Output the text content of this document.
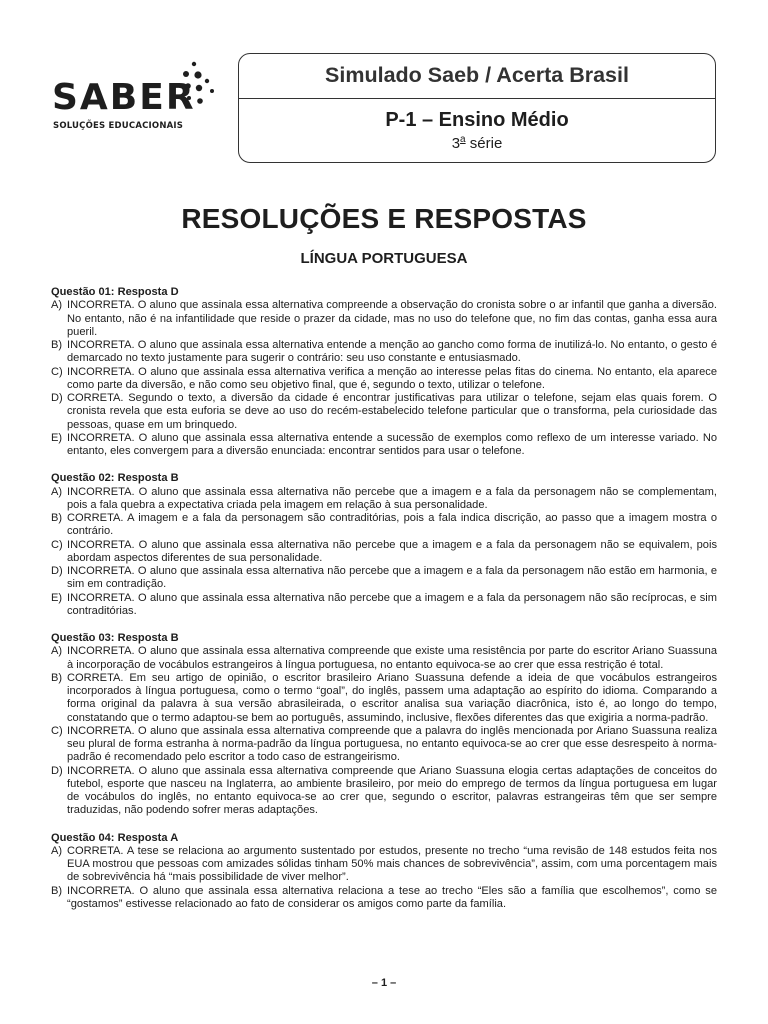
SABER
SOLUÇÕES EDUCACIONAIS
Simulado Saeb / Acerta Brasil
P-1 – Ensino Médio
3$^a$ série
RESOLUÇÕES E RESPOSTAS
LÍNGUA PORTUGUESA
Questão 01: Resposta D
A) INCORRETA. O aluno que assinala essa alternativa compreende a observação do cronista sobre o ar infantil que ganha a diversão. No entanto, não é na infantilidade que reside o prazer da cidade, mas no uso do telefone que, no fim das contas, ganha essa aura pueril.
B) INCORRETA. O aluno que assinala essa alternativa entende a menção ao gancho como forma de inutilizá-lo. No entanto, o gesto é demarcado no texto justamente para sugerir o contrário: seu uso constante e entusiasmado.
C) INCORRETA. O aluno que assinala essa alternativa verifica a menção ao interesse pelas fitas do cinema. No entanto, ela aparece como parte da diversão, e não como seu objetivo final, que é, segundo o texto, utilizar o telefone.
D) CORRETA. Segundo o texto, a diversão da cidade é encontrar justificativas para utilizar o telefone, sejam elas quais forem. O cronista revela que esta euforia se deve ao uso do recém-estabelecido telefone particular que o transforma, pela curiosidade das pessoas, quase em um brinquedo.
E) INCORRETA. O aluno que assinala essa alternativa entende a sucessão de exemplos como reflexo de um interesse variado. No entanto, eles convergem para a diversão enunciada: encontrar sentidos para usar o telefone.
Questão 02: Resposta B
A) INCORRETA. O aluno que assinala essa alternativa não percebe que a imagem e a fala da personagem não se complementam, pois a fala quebra a expectativa criada pela imagem em relação à sua personalidade.
B) CORRETA. A imagem e a fala da personagem são contraditórias, pois a fala indica discrição, ao passo que a imagem mostra o contrário.
C) INCORRETA. O aluno que assinala essa alternativa não percebe que a imagem e a fala da personagem não se equivalem, pois abordam aspectos diferentes de sua personalidade.
D) INCORRETA. O aluno que assinala essa alternativa não percebe que a imagem e a fala da personagem não estão em harmonia, e sim em contradição.
E) INCORRETA. O aluno que assinala essa alternativa não percebe que a imagem e a fala da personagem não são recíprocas, e sim contraditórias.
Questão 03: Resposta B
A) INCORRETA. O aluno que assinala essa alternativa compreende que existe uma resistência por parte do escritor Ariano Suassuna à incorporação de vocábulos estrangeiros à língua portuguesa, no entanto equivoca-se ao crer que essa restrição é total.
B) CORRETA. Em seu artigo de opinião, o escritor brasileiro Ariano Suassuna defende a ideia de que vocábulos estrangeiros incorporados à língua portuguesa, como o termo “goal”, do inglês, passem uma adaptação ao espírito do idioma. Comparando a forma original da palavra à sua versão abrasileirada, o escritor analisa sua variação diacrônica, isto é, ao longo do tempo, constatando que o termo adaptou-se bem ao português, assumindo, inclusive, flexões diferentes das que exigiria a norma-padrão.
C) INCORRETA. O aluno que assinala essa alternativa compreende que a palavra do inglês mencionada por Ariano Suassuna realiza seu plural de forma estranha à norma-padrão da língua portuguesa, no entanto equivoca-se ao crer que esse desrespeito à norma-padrão é recomendado pelo escritor a todo caso de estrangeirismo.
D) INCORRETA. O aluno que assinala essa alternativa compreende que Ariano Suassuna elogia certas adaptações de conceitos do futebol, esporte que nasceu na Inglaterra, ao ambiente brasileiro, por meio do emprego de termos da língua portuguesa em lugar de vocábulos do inglês, no entanto equivoca-se ao crer que, segundo o escritor, palavras estrangeiras têm que ser sempre traduzidas, não podendo sofrer meras adaptações.
Questão 04: Resposta A
A) CORRETA. A tese se relaciona ao argumento sustentado por estudos, presente no trecho “uma revisão de 148 estudos feita nos EUA mostrou que pessoas com amizades sólidas tinham 50% mais chances de sobrevivência”, assim, com uma porcentagem mais de sobrevivência há “mais possibilidade de viver melhor”.
B) INCORRETA. O aluno que assinala essa alternativa relaciona a tese ao trecho “Eles são a família que escolhemos”, como se “gostamos” estivesse relacionado ao fato de considerar os amigos como parte da família.
– 1 –
